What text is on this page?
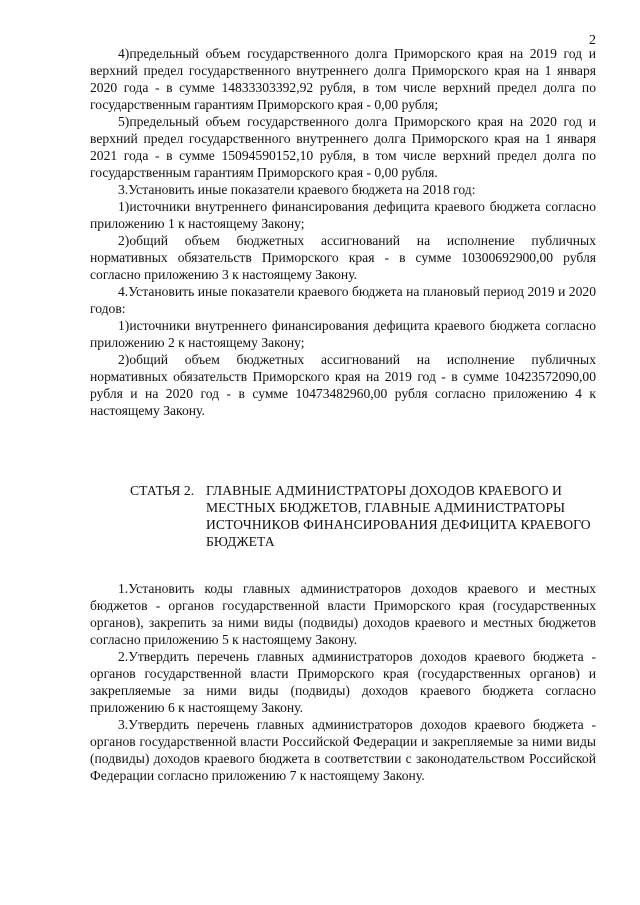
2

4)предельный объем государственного долга Приморского края на 2019 год и верхний предел государственного внутреннего долга Приморского края на 1 января 2020 года - в сумме 14833303392,92 рубля, в том числе верхний предел долга по государственным гарантиям Приморского края - 0,00 рубля;

5)предельный объем государственного долга Приморского края на 2020 год и верхний предел государственного внутреннего долга Приморского края на 1 января 2021 года - в сумме 15094590152,10 рубля, в том числе верхний предел долга по государственным гарантиям Приморского края - 0,00 рубля.

3.Установить иные показатели краевого бюджета на 2018 год:

1)источники внутреннего финансирования дефицита краевого бюджета согласно приложению 1 к настоящему Закону;

2)общий объем бюджетных ассигнований на исполнение публичных нормативных обязательств Приморского края - в сумме 10300692900,00 рубля согласно приложению 3 к настоящему Закону.

4.Установить иные показатели краевого бюджета на плановый период 2019 и 2020 годов:

1)источники внутреннего финансирования дефицита краевого бюджета согласно приложению 2 к настоящему Закону;

2)общий объем бюджетных ассигнований на исполнение публичных нормативных обязательств Приморского края на 2019 год - в сумме 10423572090,00 рубля и на 2020 год - в сумме 10473482960,00 рубля согласно приложению 4 к настоящему Закону.

СТАТЬЯ 2. ГЛАВНЫЕ АДМИНИСТРАТОРЫ ДОХОДОВ КРАЕВОГО И МЕСТНЫХ БЮДЖЕТОВ, ГЛАВНЫЕ АДМИНИСТРАТОРЫ ИСТОЧНИКОВ ФИНАНСИРОВАНИЯ ДЕФИЦИТА КРАЕВОГО БЮДЖЕТА

1.Установить коды главных администраторов доходов краевого и местных бюджетов - органов государственной власти Приморского края (государственных органов), закрепить за ними виды (подвиды) доходов краевого и местных бюджетов согласно приложению 5 к настоящему Закону.

2.Утвердить перечень главных администраторов доходов краевого бюджета - органов государственной власти Приморского края (государственных органов) и закрепляемые за ними виды (подвиды) доходов краевого бюджета согласно приложению 6 к настоящему Закону.

3.Утвердить перечень главных администраторов доходов краевого бюджета - органов государственной власти Российской Федерации и закрепляемые за ними виды (подвиды) доходов краевого бюджета в соответствии с законодательством Российской Федерации согласно приложению 7 к настоящему Закону.
